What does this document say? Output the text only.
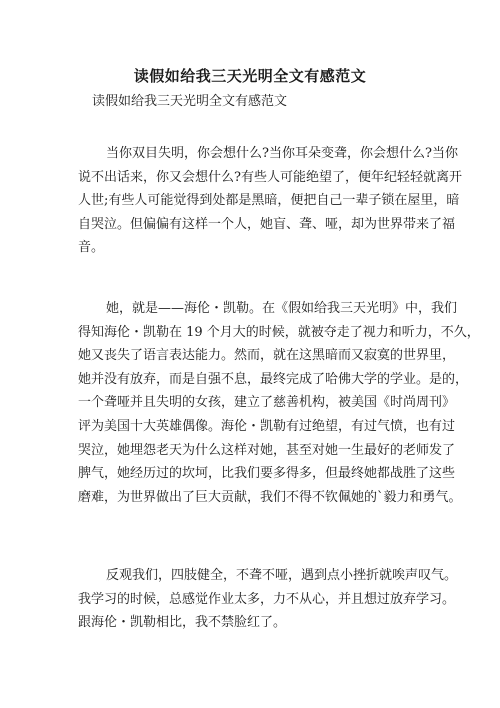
读假如给我三天光明全文有感范文
读假如给我三天光明全文有感范文
当你双目失明，你会想什么?当你耳朵变聋，你会想什么?当你
说不出话来，你又会想什么?有些人可能绝望了，便年纪轻轻就离开
人世;有些人可能觉得到处都是黑暗，便把自己一辈子锁在屋里，暗
自哭泣。但偏偏有这样一个人，她盲、聋、哑，却为世界带来了福
音。
她，就是——海伦・凯勒。在《假如给我三天光明》中，我们
得知海伦・凯勒在 19 个月大的时候，就被夺走了视力和听力，不久，
她又丧失了语言表达能力。然而，就在这黑暗而又寂寞的世界里，
她并没有放弃，而是自强不息，最终完成了哈佛大学的学业。是的，
一个聋哑并且失明的女孩，建立了慈善机构，被美国《时尚周刊》
评为美国十大英雄偶像。海伦・凯勒有过绝望，有过气愤，也有过
哭泣，她埋怨老天为什么这样对她，甚至对她一生最好的老师发了
脾气，她经历过的坎坷，比我们要多得多，但最终她都战胜了这些
磨难，为世界做出了巨大贡献，我们不得不钦佩她的`毅力和勇气。
反观我们，四肢健全，不聋不哑，遇到点小挫折就唉声叹气。
我学习的时候，总感觉作业太多，力不从心，并且想过放弃学习。
跟海伦・凯勒相比，我不禁脸红了。
